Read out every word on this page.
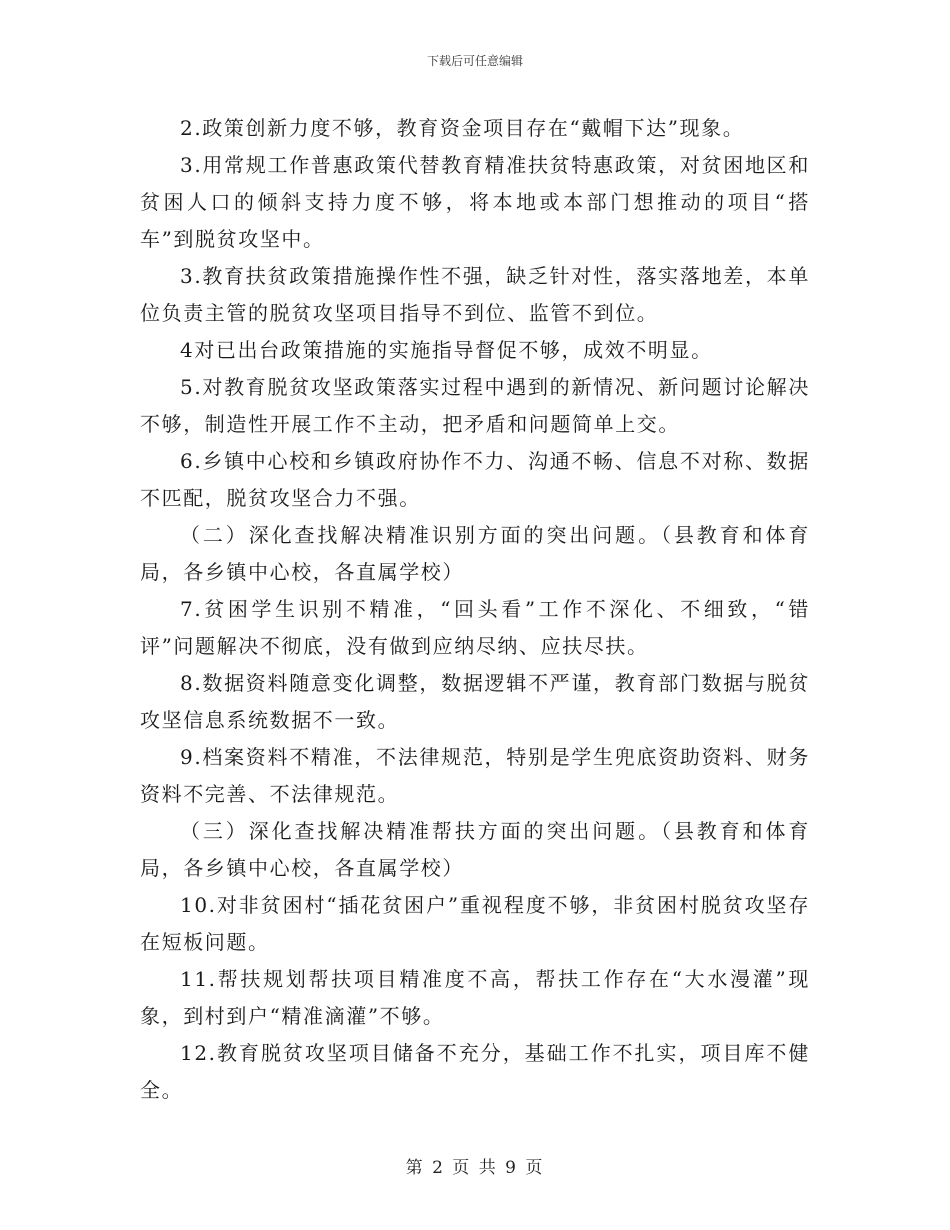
下载后可任意编辑

2.政策创新力度不够，教育资金项目存在“戴帽下达”现象。

3.用常规工作普惠政策代替教育精准扶贫特惠政策，对贫困地区和贫困人口的倾斜支持力度不够，将本地或本部门想推动的项目“搭车”到脱贫攻坚中。

3.教育扶贫政策措施操作性不强，缺乏针对性，落实落地差，本单位负责主管的脱贫攻坚项目指导不到位、监管不到位。

4对已出台政策措施的实施指导督促不够，成效不明显。

5.对教育脱贫攻坚政策落实过程中遇到的新情况、新问题讨论解决不够，制造性开展工作不主动，把矛盾和问题简单上交。

6.乡镇中心校和乡镇政府协作不力、沟通不畅、信息不对称、数据不匹配，脱贫攻坚合力不强。

（二）深化查找解决精准识别方面的突出问题。（县教育和体育局，各乡镇中心校，各直属学校）

7.贫困学生识别不精准，“回头看”工作不深化、不细致，“错评”问题解决不彻底，没有做到应纳尽纳、应扶尽扶。

8.数据资料随意变化调整，数据逻辑不严谨，教育部门数据与脱贫攻坚信息系统数据不一致。

9.档案资料不精准，不法律规范，特别是学生兜底资助资料、财务资料不完善、不法律规范。

（三）深化查找解决精准帮扶方面的突出问题。（县教育和体育局，各乡镇中心校，各直属学校）

10.对非贫困村“插花贫困户”重视程度不够，非贫困村脱贫攻坚存在短板问题。

11.帮扶规划帮扶项目精准度不高，帮扶工作存在“大水漫灌”现象，到村到户“精准滴灌”不够。

12.教育脱贫攻坚项目储备不充分，基础工作不扎实，项目库不健全。

第 2 页 共 9 页
